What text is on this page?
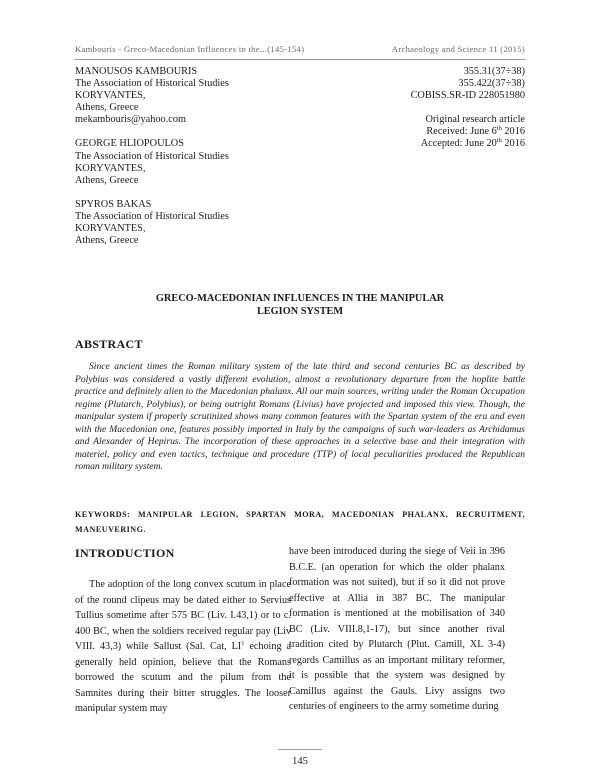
Kambouris - Greco-Macedonian Influences in the...(145-154)	Archaeology and Science 11 (2015)
MANOUSOS KAMBOURIS
The Association of Historical Studies
KORYVANTES,
Athens, Greece
mekambouris@yahoo.com
GEORGE HLIOPOULOS
The Association of Historical Studies
KORYVANTES,
Athens, Greece
SPYROS BAKAS
The Association of Historical Studies
KORYVANTES,
Athens, Greece
355.31(37÷38)
355.422(37÷38)
COBISS.SR-ID 228051980
Original research article
Received: June 6th 2016
Accepted: June 20th 2016
GRECO-MACEDONIAN INFLUENCES IN THE MANIPULAR
LEGION SYSTEM
ABSTRACT
Since ancient times the Roman military system of the late third and second centuries BC as described by Polybius was considered a vastly different evolution, almost a revolutionary departure from the hoplite battle practice and definitely alien to the Macedonian phalanx. All our main sources, writing under the Roman Occupation regime (Plutarch, Polybius), or being outright Romans (Livius) have projected and imposed this view. Though, the manipular system if properly scrutinized shows many common features with the Spartan system of the era and even with the Macedonian one, features possibly imported in Italy by the campaigns of such war-leaders as Archidamus and Alexander of Hepirus. The incorporation of these approaches in a selective base and their integration with materiel, policy and even tactics, technique and procedure (TTP) of local peculiarities produced the Republican roman military system.
KEYWORDS: MANIPULAR LEGION, SPARTAN MORA, MACEDONIAN PHALANX, RECRUITMENT, MANEUVERING.
INTRODUCTION
The adoption of the long convex scutum in place of the round clipeus may be dated either to Servius Tullius sometime after 575 BC (Liv. I.43,1) or to c. 400 BC, when the soldiers received regular pay (Liv VIII. 43,3) while Sallust (Sal. Cat, $LI^1$ echoing a generally held opinion, believe that the Romans borrowed the scutum and the pilum from the Samnites during their bitter struggles. The looser manipular system may
have been introduced during the siege of Veii in 396 B.C.E. (an operation for which the older phalanx formation was not suited), but if so it did not prove effective at Allia in 387 BC. The manipular formation is mentioned at the mobilisation of 340 BC (Liv. VIII.8,1-17), but since another rival tradition cited by Plutarch (Plut. Camill, XL 3-4) regards Camillus as an important military reformer, it is possible that the system was designed by Camillus against the Gauls. Livy assigns two centuries of engineers to the army sometime during
145
